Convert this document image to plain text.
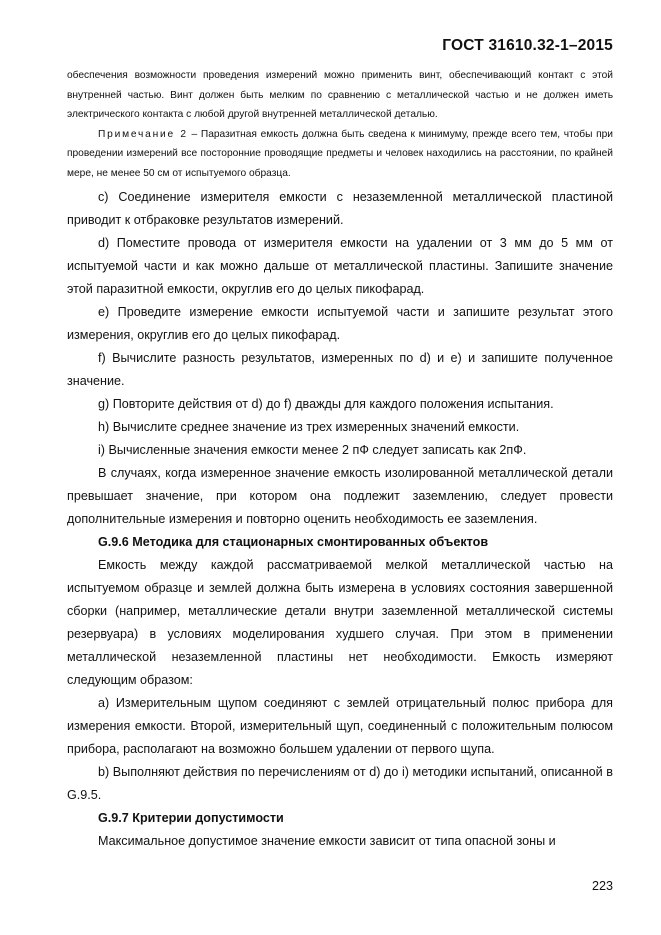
ГОСТ 31610.32-1–2015

обеспечения возможности проведения измерений можно применить винт, обеспечивающий контакт с этой внутренней частью. Винт должен быть мелким по сравнению с металлической частью и не должен иметь электрического контакта с любой другой внутренней металлической деталью.

Примечание 2 – Паразитная емкость должна быть сведена к минимуму, прежде всего тем, чтобы при проведении измерений все посторонние проводящие предметы и человек находились на расстоянии, по крайней мере, не менее 50 см от испытуемого образца.

c) Соединение измерителя емкости с незаземленной металлической пластиной приводит к отбраковке результатов измерений.

d) Поместите провода от измерителя емкости на удалении от 3 мм до 5 мм от испытуемой части и как можно дальше от металлической пластины. Запишите значение этой паразитной емкости, округлив его до целых пикофарад.

e) Проведите измерение емкости испытуемой части и запишите результат этого измерения, округлив его до целых пикофарад.

f) Вычислите разность результатов, измеренных по d) и e) и запишите полученное значение.

g) Повторите действия от d) до f) дважды для каждого положения испытания.

h) Вычислите среднее значение из трех измеренных значений емкости.

i) Вычисленные значения емкости менее 2 пФ следует записать как 2пФ.

В случаях, когда измеренное значение емкость изолированной металлической детали превышает значение, при котором она подлежит заземлению, следует провести дополнительные измерения и повторно оценить необходимость ее заземления.

G.9.6 Методика для стационарных смонтированных объектов

Емкость между каждой рассматриваемой мелкой металлической частью на испытуемом образце и землей должна быть измерена в условиях состояния завершенной сборки (например, металлические детали внутри заземленной металлической системы резервуара) в условиях моделирования худшего случая. При этом в применении металлической незаземленной пластины нет необходимости. Емкость измеряют следующим образом:

a) Измерительным щупом соединяют с землей отрицательный полюс прибора для измерения емкости. Второй, измерительный щуп, соединенный с положительным полюсом прибора, располагают на возможно большем удалении от первого щупа.

b) Выполняют действия по перечислениям от d) до i) методики испытаний, описанной в G.9.5.

G.9.7 Критерии допустимости

Максимальное допустимое значение емкости зависит от типа опасной зоны и

223
